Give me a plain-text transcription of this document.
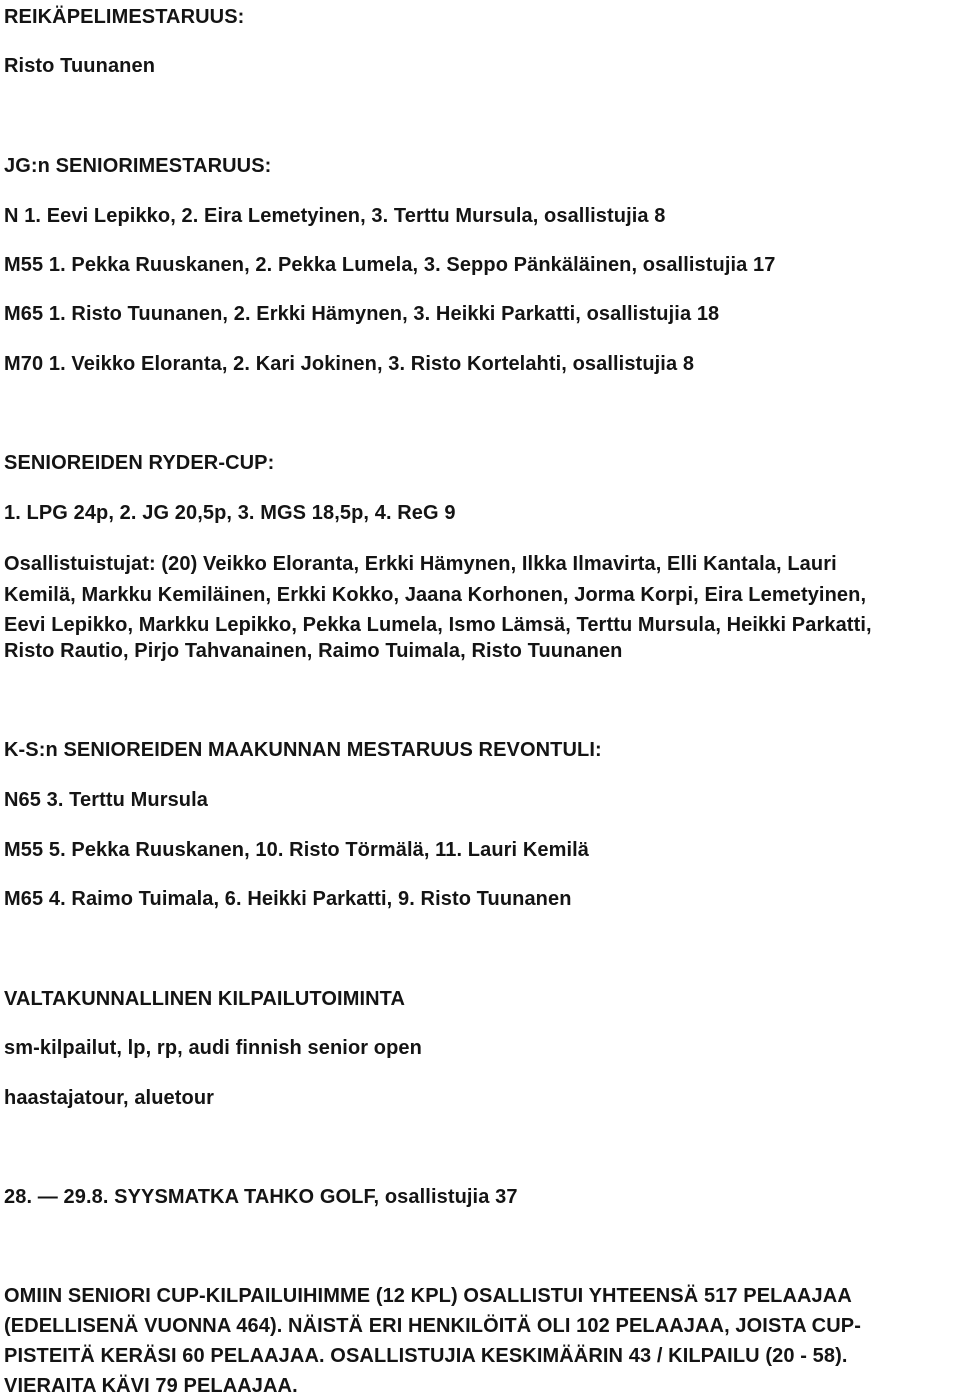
REIKÄPELIMESTARUUS:
Risto Tuunanen
JG:n SENIORIMESTARUUS:
N 1. Eevi Lepikko, 2. Eira Lemetyinen, 3. Terttu Mursula, osallistujia 8
M55 1. Pekka Ruuskanen, 2. Pekka Lumela, 3. Seppo Pänkäläinen, osallistujia 17
M65 1. Risto Tuunanen, 2. Erkki Hämynen, 3. Heikki Parkatti, osallistujia 18
M70 1. Veikko Eloranta, 2. Kari Jokinen, 3. Risto Kortelahti, osallistujia 8
SENIOREIDEN RYDER-CUP:
1. LPG 24p, 2. JG 20,5p, 3. MGS 18,5p, 4. ReG 9
Osallistuistujat: (20) Veikko Eloranta, Erkki Hämynen, Ilkka Ilmavirta, Elli Kantala, Lauri
Kemilä, Markku Kemiläinen, Erkki Kokko, Jaana Korhonen, Jorma Korpi, Eira Lemetyinen,
Eevi Lepikko, Markku Lepikko, Pekka Lumela, Ismo Lämsä, Terttu Mursula, Heikki Parkatti,
Risto Rautio, Pirjo Tahvanainen, Raimo Tuimala, Risto Tuunanen
K-S:n SENIOREIDEN MAAKUNNAN MESTARUUS REVONTULI:
N65 3. Terttu Mursula
M55 5. Pekka Ruuskanen, 10. Risto Törmälä, 11. Lauri Kemilä
M65 4. Raimo Tuimala, 6. Heikki Parkatti, 9. Risto Tuunanen
VALTAKUNNALLINEN KILPAILUTOIMINTA
sm-kilpailut, lp, rp, audi finnish senior open
haastajatour, aluetour
28. — 29.8. SYYSMATKA TAHKO GOLF, osallistujia 37
OMIIN SENIORI CUP-KILPAILUIHIMME (12 KPL) OSALLISTUI YHTEENSÄ 517 PELAAJAA
(EDELLISENÄ VUONNA 464). NÄISTÄ ERI HENKILÖITÄ OLI 102 PELAAJAA, JOISTA CUP-
PISTEITÄ KERÄSI 60 PELAAJAA. OSALLISTUJIA KESKIMÄÄRIN 43 / KILPAILU (20 - 58).
VIERAITA KÄVI 79 PELAAJAA.
